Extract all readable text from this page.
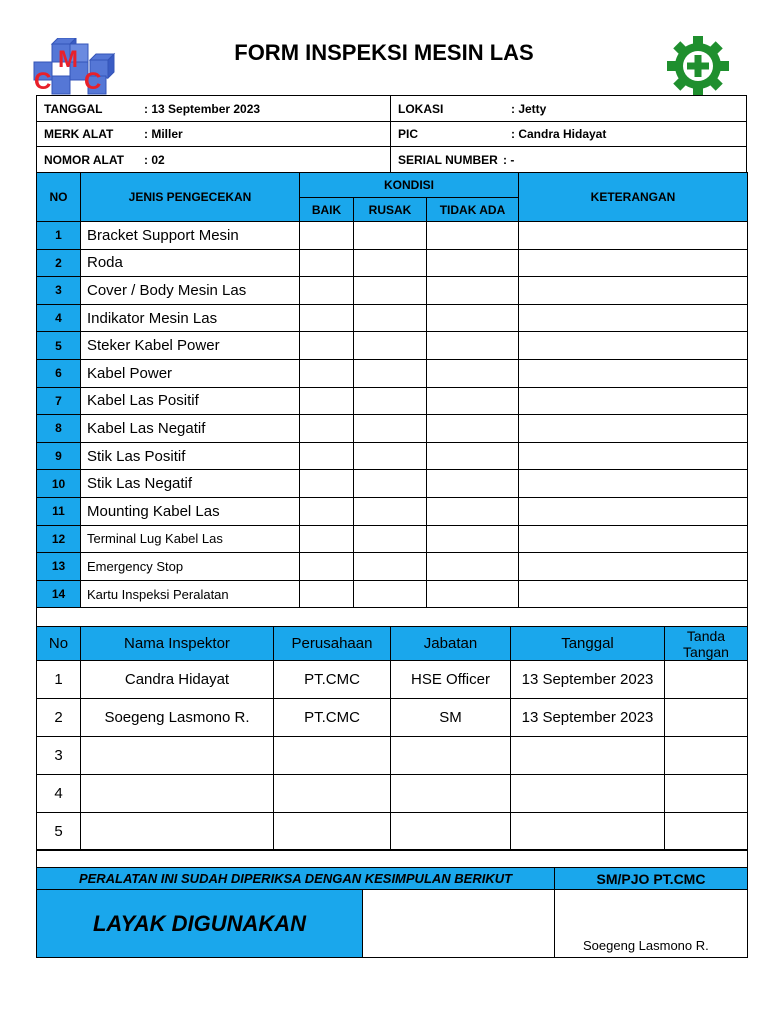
C
M
C
FORM INSPEKSI MESIN LAS
TANGGAL	: 13 September 2023	LOKASI	: Jetty
MERK ALAT	: Miller	PIC	: Candra Hidayat
NOMOR ALAT : 02	SERIAL NUMBER : -
NO	JENIS PENGECEKAN	KONDISI			KETERANGAN
		BAIK	RUSAK	TIDAK ADA	
1	Bracket Support Mesin				
2	Roda				
3	Cover / Body Mesin Las				
4	Indikator Mesin Las				
5	Steker Kabel Power				
6	Kabel Power				
7	Kabel Las Positif				
8	Kabel Las Negatif				
9	Stik Las Positif				
10	Stik Las Negatif				
11	Mounting Kabel Las				
12	Terminal Lug Kabel Las				
13	Emergency Stop				
14	Kartu Inspeksi Peralatan				
No	Nama Inspektor	Perusahaan	Jabatan	Tanggal	Tanda
Tangan
1	Candra Hidayat	PT.CMC	HSE Officer	13 September 2023	
2	Soegeng Lasmono R.	PT.CMC	SM	13 September 2023	
3					
4					
5					
PERALATAN INI SUDAH DIPERIKSA DENGAN KESIMPULAN BERIKUT	SM/PJO PT.CMC
LAYAK DIGUNAKAN
Soegeng Lasmono R.
